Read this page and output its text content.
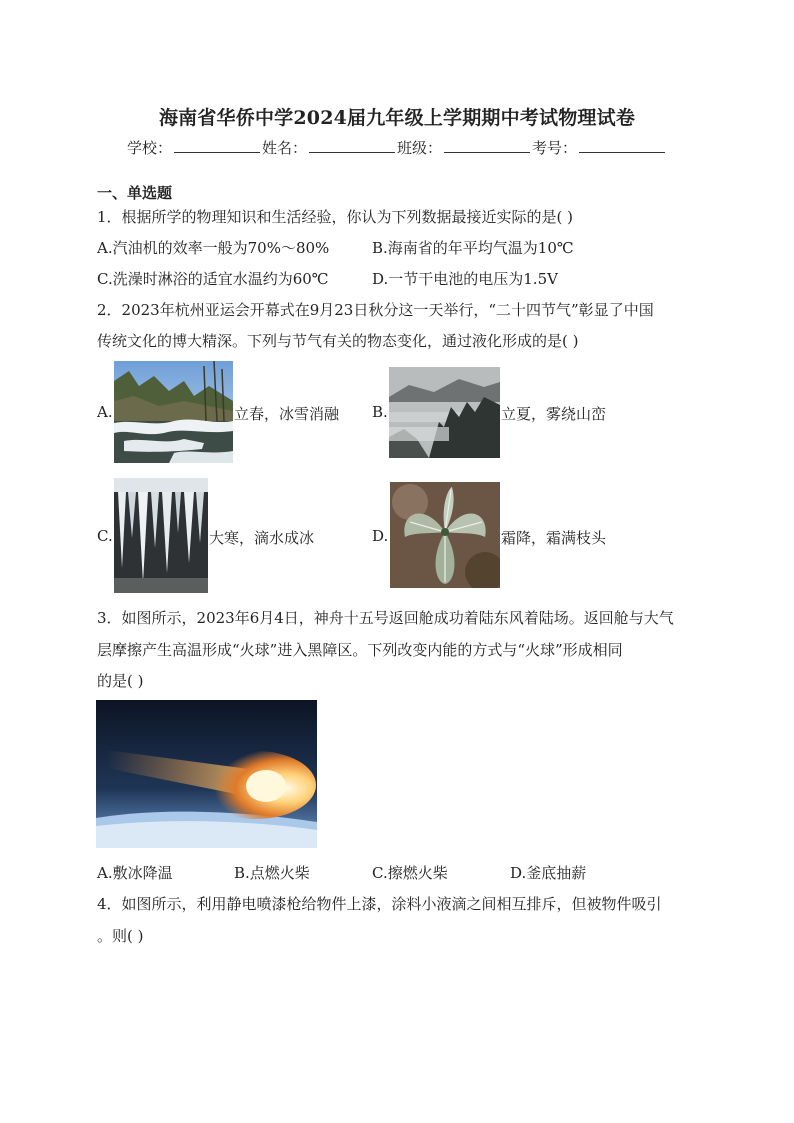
海南省华侨中学2024届九年级上学期期中考试物理试卷
学校：	姓名：	班级：	考号：
一、单选题
1．根据所学的物理知识和生活经验，你认为下列数据最接近实际的是( )
A.汽油机的效率一般为70%～80%	B.海南省的年平均气温为10℃
C.洗澡时淋浴的适宜水温约为60℃	D.一节干电池的电压为1.5V
2．2023年杭州亚运会开幕式在9月23日秋分这一天举行，“二十四节气”彰显了中国
传统文化的博大精深。下列与节气有关的物态变化，通过液化形成的是( )
A.	立春，冰雪消融 B.	立夏，雾绕山峦
C.	大寒，滴水成冰	D.	霜降，霜满枝头
3．如图所示，2023年6月4日，神舟十五号返回舱成功着陆东风着陆场。返回舱与大气
层摩擦产生高温形成“火球”进入黑障区。下列改变内能的方式与“火球”形成相同
的是( )
A.敷冰降温	B.点燃火柴	C.擦燃火柴	D.釜底抽薪
4．如图所示，利用静电喷漆枪给物件上漆，涂料小液滴之间相互排斥，但被物件吸引
。则( )
